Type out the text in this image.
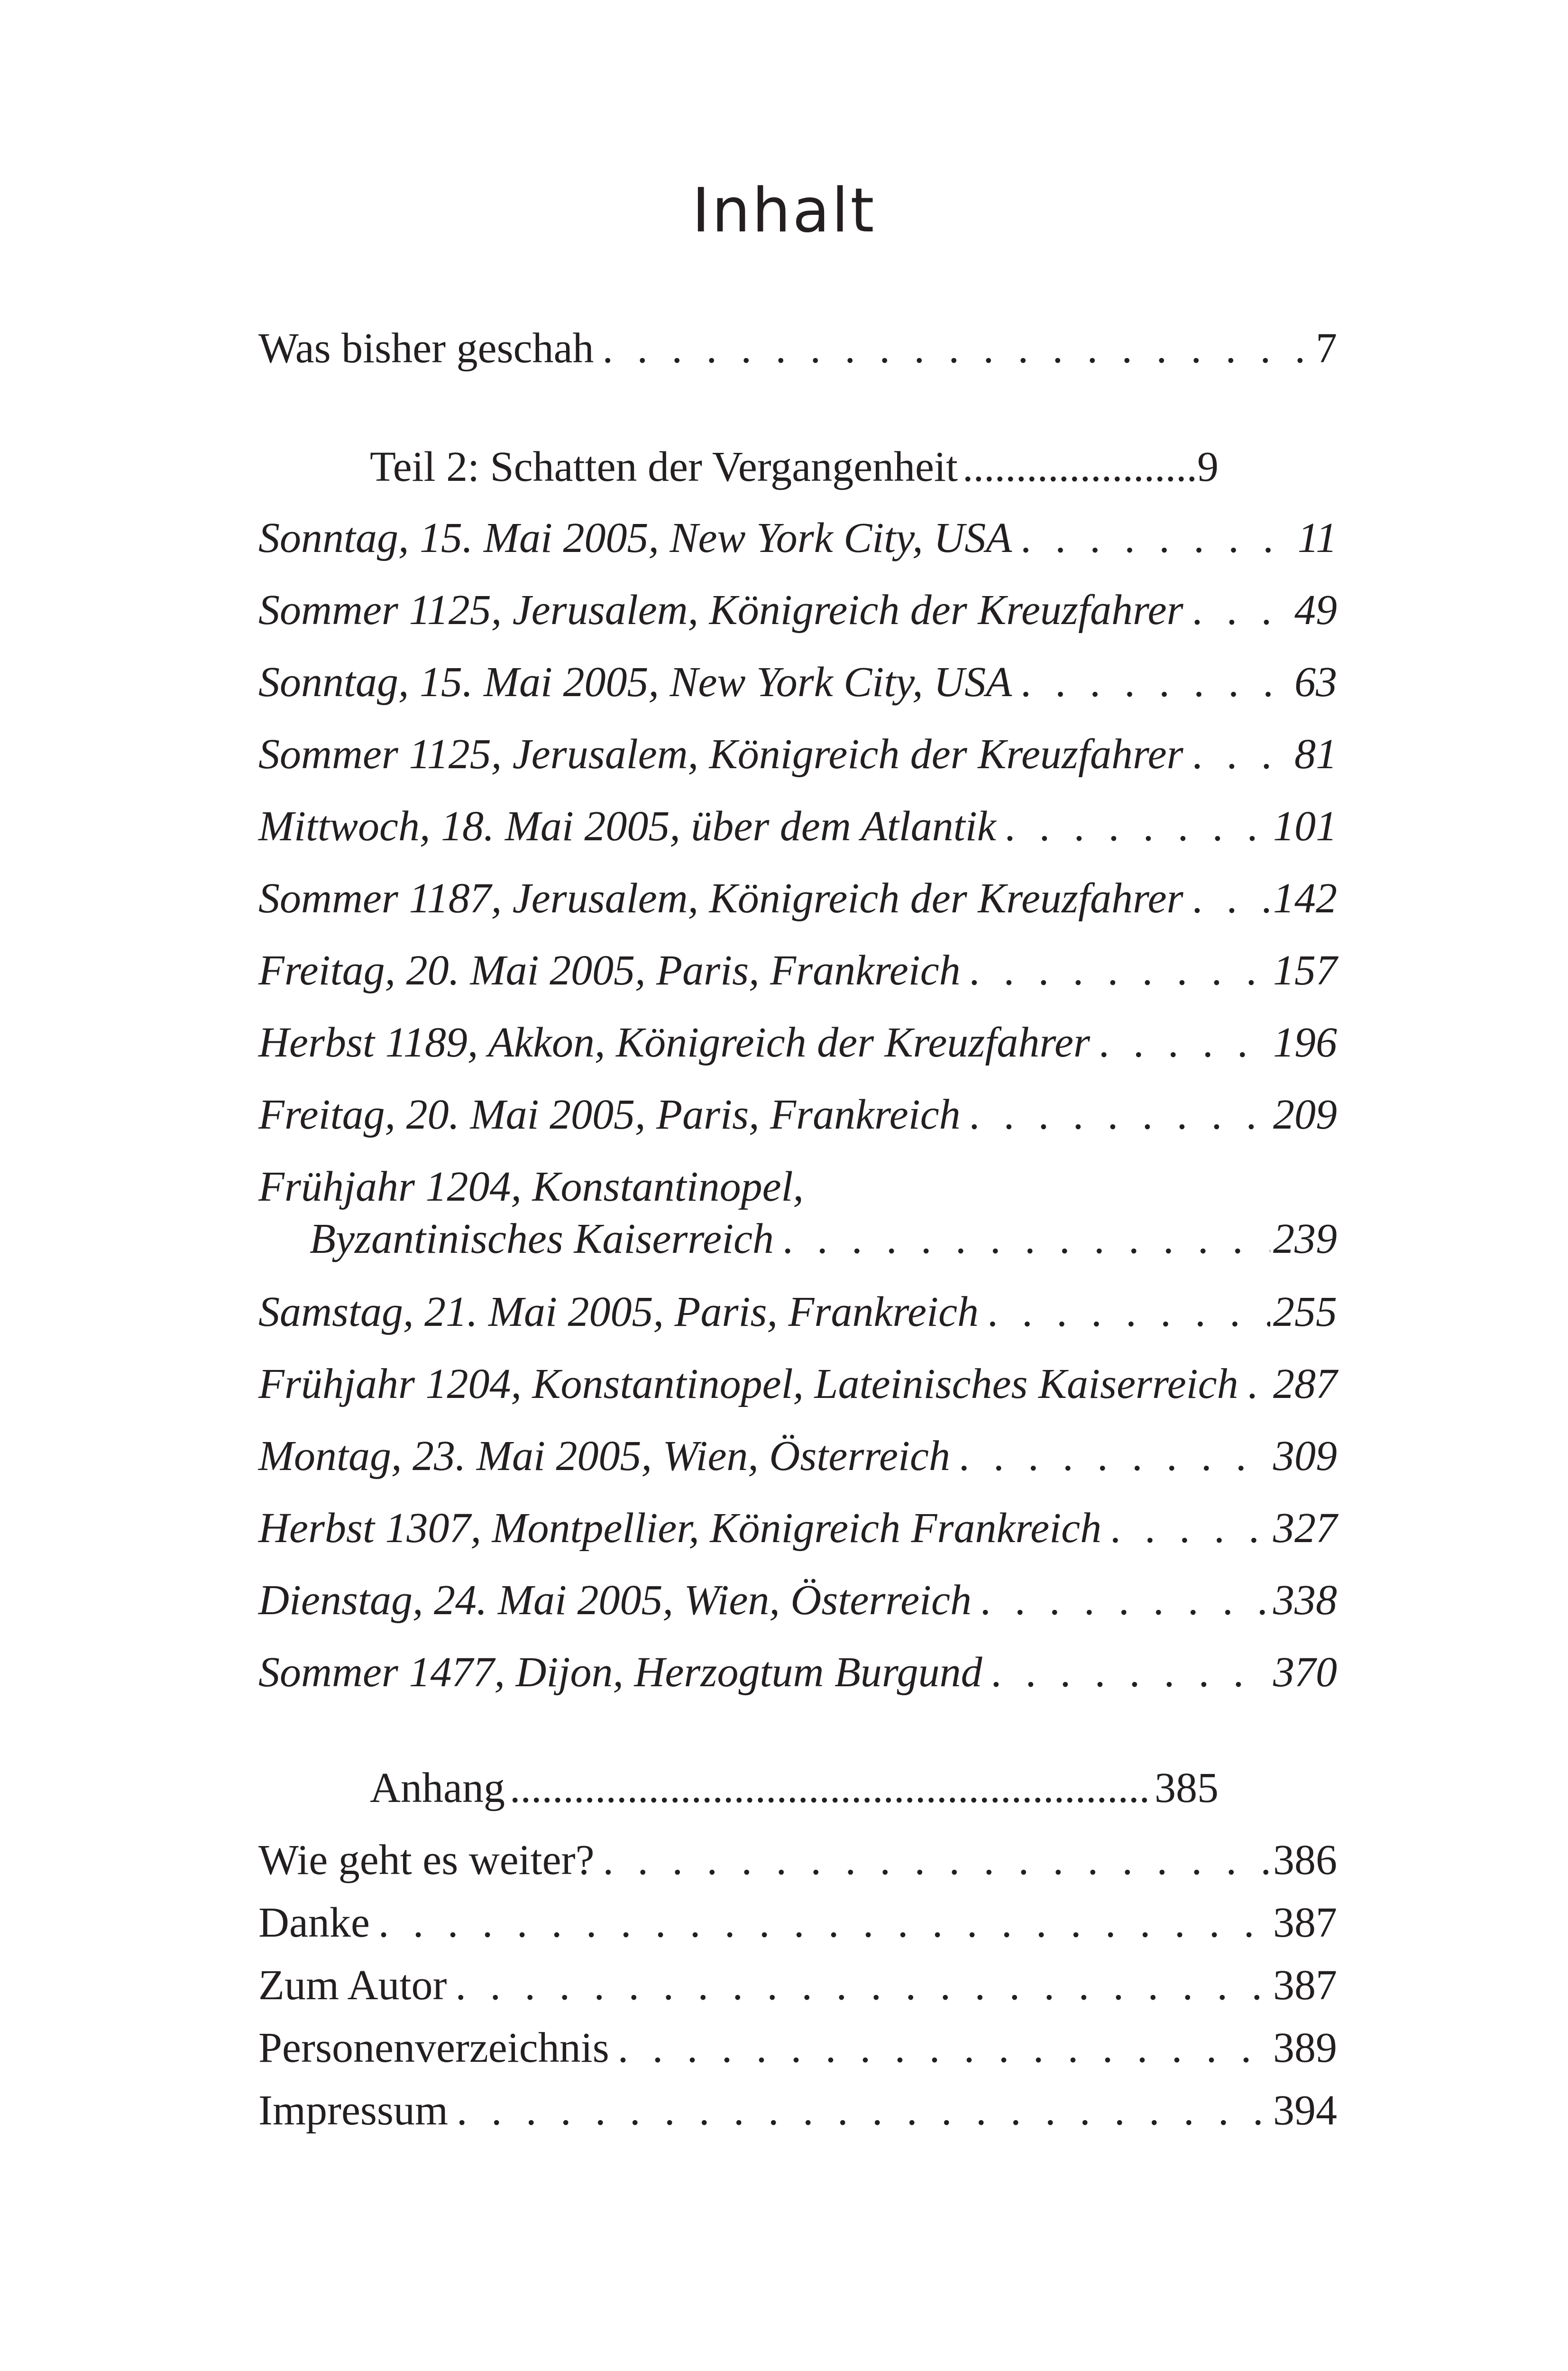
Inhalt
Was bisher geschah . . .	7
Teil 2: Schatten der Vergangenheit .....	9
Sonntag, 15. Mai 2005, New York City, USA . . .	11
Sommer 1125, Jerusalem, Königreich der Kreuzfahrer . . .	49
Sonntag, 15. Mai 2005, New York City, USA . . .	63
Sommer 1125, Jerusalem, Königreich der Kreuzfahrer . . .	81
Mittwoch, 18. Mai 2005, über dem Atlantik . . .	101
Sommer 1187, Jerusalem, Königreich der Kreuzfahrer . . . 142
Freitag, 20. Mai 2005, Paris, Frankreich . . .	157
Herbst 1189, Akkon, Königreich der Kreuzfahrer . . .	196
Freitag, 20. Mai 2005, Paris, Frankreich . . .	209
Frühjahr 1204, Konstantinopel,
Byzantinisches Kaiserreich . . .	239
Samstag, 21. Mai 2005, Paris, Frankreich . . .	255
Frühjahr 1204, Konstantinopel, Lateinisches Kaiserreich . . . 287
Montag, 23. Mai 2005, Wien, Österreich . . .	309
Herbst 1307, Montpellier, Königreich Frankreich . . .	327
Dienstag, 24. Mai 2005, Wien, Österreich . . .	338
Sommer 1477, Dijon, Herzogtum Burgund . . .	370
Anhang .....	385
Wie geht es weiter? . . .	386
Danke . . .	387
Zum Autor . . .	387
Personenverzeichnis . . .	389
Impressum . . .	394
